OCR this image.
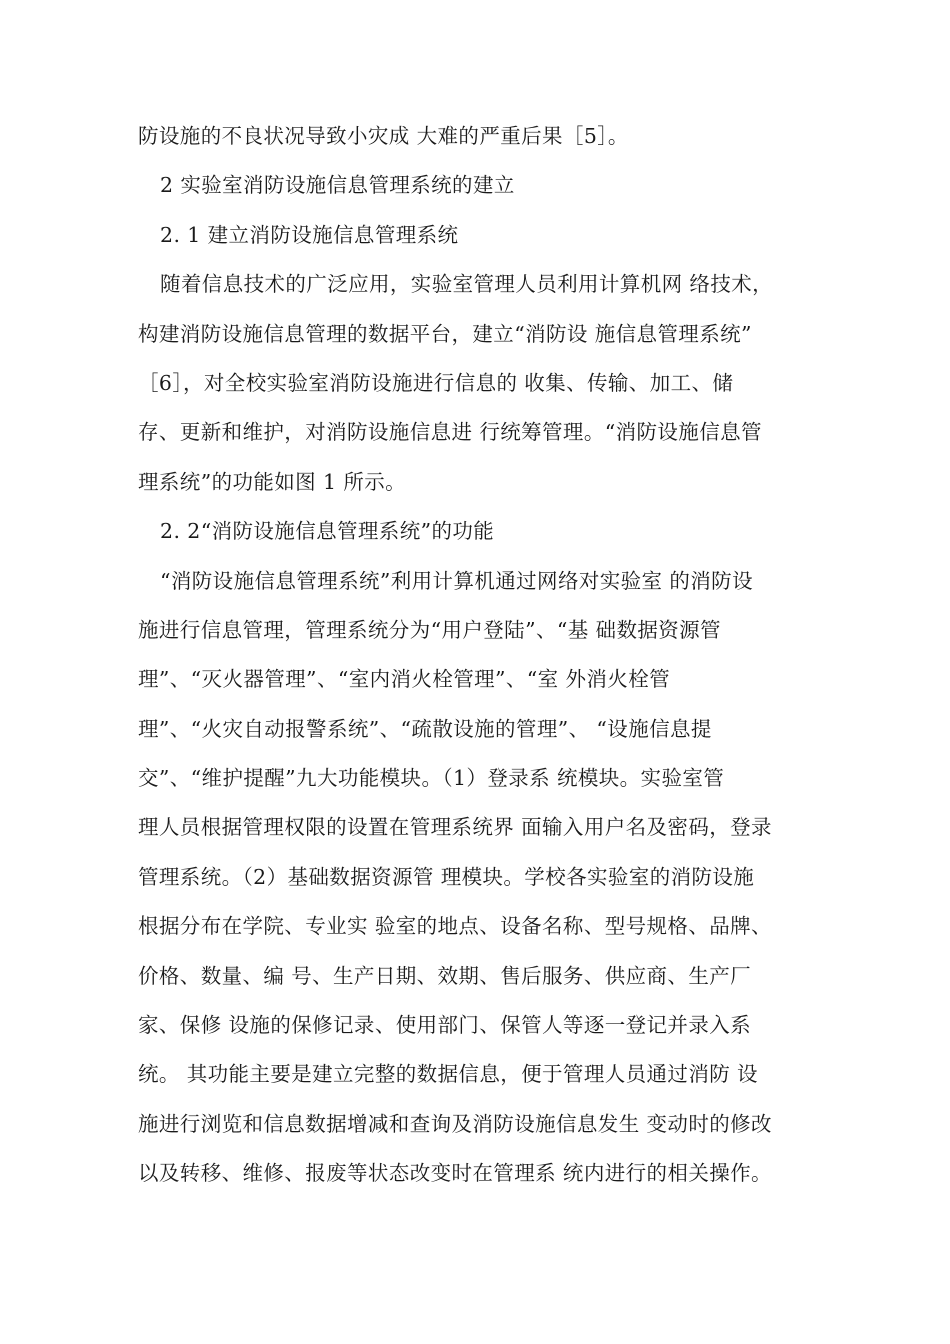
防设施的不良状况导致小灾成 大难的严重后果［5］。
2 实验室消防设施信息管理系统的建立
2. 1 建立消防设施信息管理系统
随着信息技术的广泛应用，实验室管理人员利用计算机网 络技术，
构建消防设施信息管理的数据平台，建立“消防设 施信息管理系统”
［6］，对全校实验室消防设施进行信息的 收集、传输、加工、储
存、更新和维护，对消防设施信息进 行统筹管理。“消防设施信息管
理系统”的功能如图 1 所示。
2. 2“消防设施信息管理系统”的功能
“消防设施信息管理系统”利用计算机通过网络对实验室 的消防设
施进行信息管理，管理系统分为“用户登陆”、“基 础数据资源管
理”、“灭火器管理”、“室内消火栓管理”、“室 外消火栓管
理”、“火灾自动报警系统”、“疏散设施的管理”、 “设施信息提
交”、“维护提醒”九大功能模块。（1）登录系 统模块。实验室管
理人员根据管理权限的设置在管理系统界 面输入用户名及密码，登录
管理系统。（2）基础数据资源管 理模块。学校各实验室的消防设施
根据分布在学院、专业实 验室的地点、设备名称、型号规格、品牌、
价格、数量、编 号、生产日期、效期、售后服务、供应商、生产厂
家、保修 设施的保修记录、使用部门、保管人等逐一登记并录入系
统。 其功能主要是建立完整的数据信息，便于管理人员通过消防 设
施进行浏览和信息数据增减和查询及消防设施信息发生 变动时的修改
以及转移、维修、报废等状态改变时在管理系 统内进行的相关操作。
